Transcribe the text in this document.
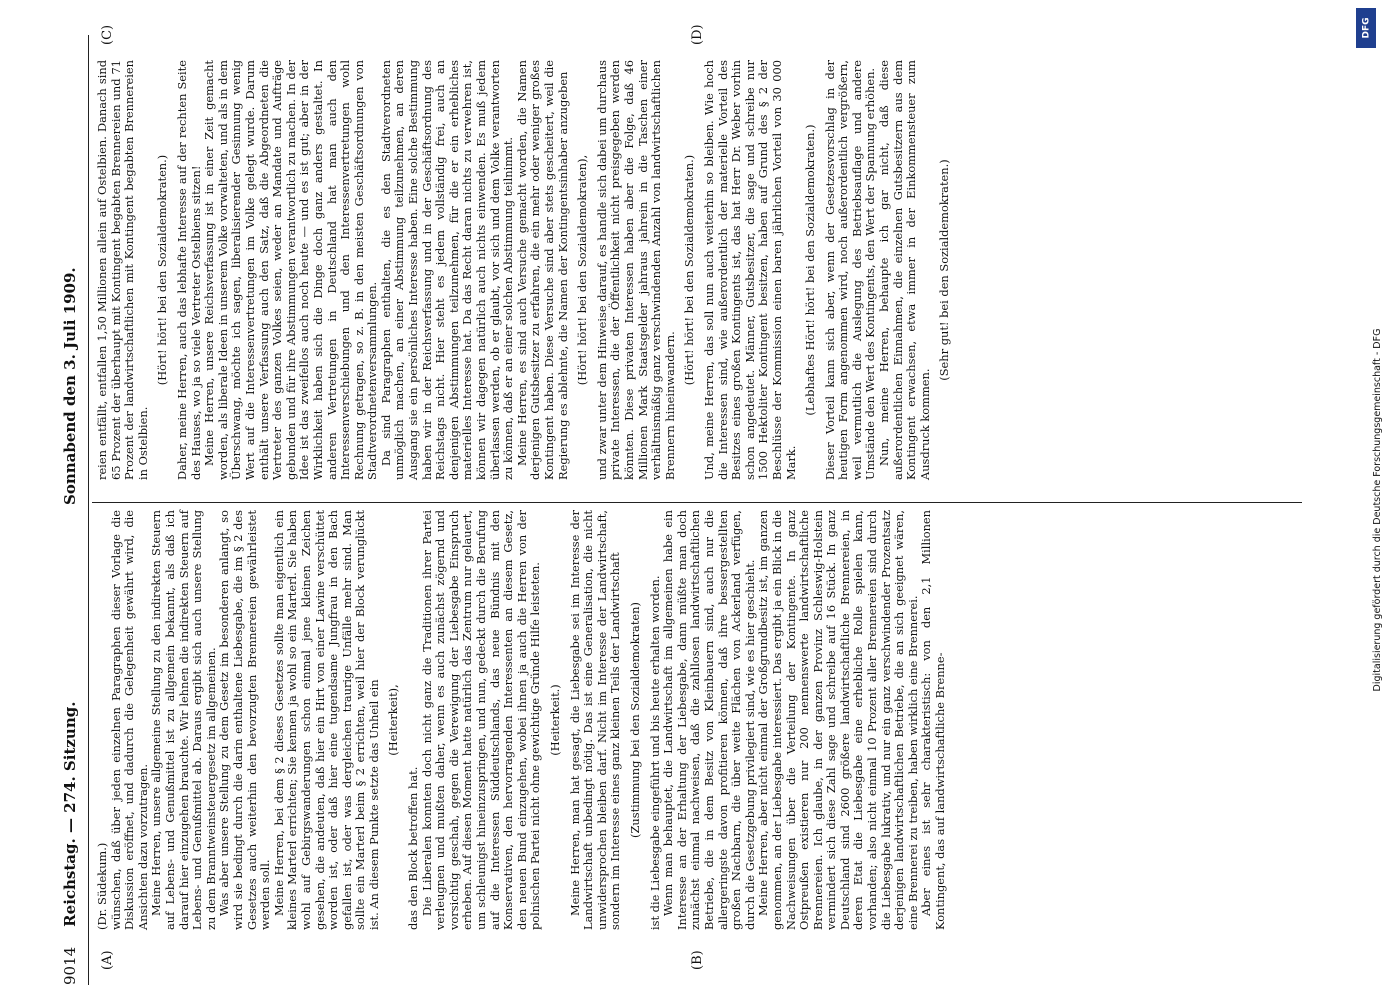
9014
Reichstag. — 274. Sitzung.
Sonnabend den 3. Juli 1909.
(A)	(B)
(C)	(D)

(Dr. Südekum.) wünschen, daß über jeden einzelnen Paragraphen dieser Vorlage die Diskussion eröffnet, und dadurch die Gelegenheit gewährt wird, die Ansichten dazu vorzutragen. Meine Herren, unsere allgemeine Stellung zu den indirekten Steuern auf Lebens- und Genußmittel ist zu allgemein bekannt, als daß ich darauf hier einzugehen brauchte. Wir lehnen die indirekten Steuern auf Lebens- und Genußmittel ab. Daraus ergibt sich auch unsere Stellung zu dem Branntweinsteuergesetz im allgemeinen. Was aber unsere Stellung zu dem Gesetz im besonderen anlangt, so wird sie bedingt durch die darin enthaltene Liebesgabe, die im § 2 des Gesetzes auch weiterhin den bevorzugten Brennereien gewährleistet werden soll. Meine Herren, bei dem § 2 dieses Gesetzes sollte man eigentlich ein kleines Marterl errichten; Sie kennen ja wohl so ein Marterl. Sie haben wohl auf Gebirgswanderungen schon einmal jene kleinen Zeichen gesehen, die andeuten, daß hier ein Hirt von einer Lawine verschüttet worden ist, oder daß hier eine tugendsame Jungfrau in den Bach gefallen ist, oder was dergleichen traurige Unfälle mehr sind. Man sollte ein Marterl beim § 2 errichten, weil hier der Block verunglückt ist. An diesem Punkte setzte das Unheil ein (Heiterkeit),

das den Block betroffen hat. Die Liberalen konnten doch nicht ganz die Traditionen ihrer Partei verleugnen und mußten daher, wenn es auch zunächst zögernd und vorsichtig geschah, gegen die Verewigung der Liebesgabe Einspruch erheben. Auf diesen Moment hatte natürlich das Zentrum nur gelauert, um schleunigst hineinzuspringen, und nun, gedeckt durch die Berufung auf die Interessen Süddeutschlands, das neue Bündnis mit den Konservativen, den hervorragenden Interessenten an diesem Gesetz, den neuen Bund einzugehen, wobei ihnen ja auch die Herren von der polnischen Partei nicht ohne gewichtige Gründe Hilfe leisteten. (Heiterkeit.) Meine Herren, man hat gesagt, die Liebesgabe sei im Interesse der Landwirtschaft unbedingt nötig. Das ist eine Generalisation, die nicht unwidersprochen bleiben darf. Nicht im Interesse der Landwirtschaft, sondern im Interesse eines ganz kleinen Teils der Landwirtschaft (Zustimmung bei den Sozialdemokraten) ist die Liebesgabe eingeführt und bis heute erhalten worden. Wenn man behauptet, die Landwirtschaft im allgemeinen habe ein Interesse an der Erhaltung der Liebesgabe, dann müßte man doch zunächst einmal nachweisen, daß die zahllosen landwirtschaftlichen Betriebe, die in dem Besitz von Kleinbauern sind, auch nur die allergeringste davon profitieren können, daß ihre bessergestellten großen Nachbarn, die über weite Flächen von Ackerland verfügen, durch die Gesetzgebung privilegiert sind, wie es hier geschieht. Meine Herren, aber nicht einmal der Großgrundbesitz ist, im ganzen genommen, an der Liebesgabe interessiert. Das ergibt ja ein Blick in die Nachweisungen über die Verteilung der Kontingente. In ganz Ostpreußen existieren nur 200 nennenswerte landwirtschaftliche Brennereien. Ich glaube, in der ganzen Provinz Schleswig-Holstein vermindert sich diese Zahl sage und schreibe auf 16 Stück. In ganz Deutschland sind 2600 größere landwirtschaftliche Brennereien, in deren Etat die Liebesgabe eine erhebliche Rolle spielen kann, vorhanden; also nicht einmal 10 Prozent aller Brennereien sind durch die Liebesgabe lukrativ, und nur ein ganz verschwindender Prozentsatz derjenigen landwirtschaftlichen Betriebe, die an sich geeignet wären, eine Brennerei zu treiben, haben wirklich eine Brennerei. Aber eines ist sehr charakteristisch: von den 2,1 Millionen Kontingent, das auf landwirtschaftliche Brenne-

reien entfällt, entfallen 1,50 Millionen allein auf Ostelbien. Danach sind 65 Prozent der überhaupt mit Kontingent begabten Brennereien und 71 Prozent der landwirtschaftlichen mit Kontingent begabten Brennereien in Ostelbien.

(Hört! hört! bei den Sozialdemokraten.) Daher, meine Herren, auch das lebhafte Interesse auf der rechten Seite des Hauses, wo ja so viele Vertreter Ostelbiens sitzen! Meine Herren, unsere Reichsverfassung ist in einer Zeit gemacht worden, als liberale Ideen in unserem Volke vorwalteten, und als in dem Überschwang, möchte ich sagen, liberalisierender Gesinnung wenig Wert auf die Interessenvertretungen im Volke gelegt wurde. Darum enthält unsere Verfassung auch den Satz, daß die Abgeordneten die Vertreter des ganzen Volkes seien, weder an Mandate und Aufträge gebunden und für ihre Abstimmungen verantwortlich zu machen. In der Idee ist das zweifellos auch noch heute — und es ist gut; aber in der Wirklichkeit haben sich die Dinge doch ganz anders gestaltet. In anderen Vertretungen in Deutschland hat man auch den Interessenverschiebungen und den Interessenvertretungen wohl Rechnung getragen, so z. B. in den meisten Geschäftsordnungen von Stadtverordnetenversammlungen. Da sind Paragraphen enthalten, die es den Stadtverordneten unmöglich machen, an einer Abstimmung teilzunehmen, an deren Ausgang sie ein persönliches Interesse haben. Eine solche Bestimmung haben wir in der Reichsverfassung und in der Geschäftsordnung des Reichstags nicht. Hier steht es jedem vollständig frei, auch an denjenigen Abstimmungen teilzunehmen, für die er ein erhebliches materielles Interesse hat. Da das Recht daran nichts zu verwehren ist, können wir dagegen natürlich auch nichts einwenden. Es muß jedem überlassen werden, ob er glaubt, vor sich und dem Volke verantworten zu können, daß er an einer solchen Abstimmung teilnimmt. Meine Herren, es sind auch Versuche gemacht worden, die Namen derjenigen Gutsbesitzer zu erfahren, die ein mehr oder weniger großes Kontingent haben. Diese Versuche sind aber stets gescheitert, weil die Regierung es ablehnte, die Namen der Kontingentsinhaber anzugeben (Hört! hört! bei den Sozialdemokraten), und zwar unter dem Hinweise darauf, es handle sich dabei um durchaus private Interessen, die der Öffentlichkeit nicht preisgegeben werden könnten. Diese privaten Interessen haben aber die Folge, daß 46 Millionen Mark Staatsgelder jahraus jahrein in die Taschen einer verhältnismäßig ganz verschwindenden Anzahl von landwirtschaftlichen Brennern hineinwandern.

(Hört! hört! bei den Sozialdemokraten.) Und, meine Herren, das soll nun auch weiterhin so bleiben. Wie hoch die Interessen sind, wie außerordentlich der materielle Vorteil des Besitzes eines großen Kontingents ist, das hat Herr Dr. Weber vorhin schon angedeutet. Männer, Gutsbesitzer, die sage und schreibe nur 1500 Hektoliter Kontingent besitzen, haben auf Grund des § 2 der Beschlüsse der Kommission einen baren jährlichen Vorteil von 30 000 Mark.

(Lebhaftes Hört! hört! bei den Sozialdemokraten.) Dieser Vorteil kann sich aber, wenn der Gesetzesvorschlag in der heutigen Form angenommen wird, noch außerordentlich vergrößern, weil vermutlich die Auslegung des Betriebsauflage und andere Umstände den Wert des Kontingents, den Wert der Spannung erhöhen. Nun, meine Herren, behaupte ich gar nicht, daß diese außerordentlichen Einnahmen, die einzelnen Gutsbesitzern aus dem Kontingent erwachsen, etwa immer in der Einkommensteuer zum Ausdruck kommen.

(Sehr gut! bei den Sozialdemokraten.)

DFG
Digitalisierung gefördert durch die Deutsche Forschungsgemeinschaft - DFG
